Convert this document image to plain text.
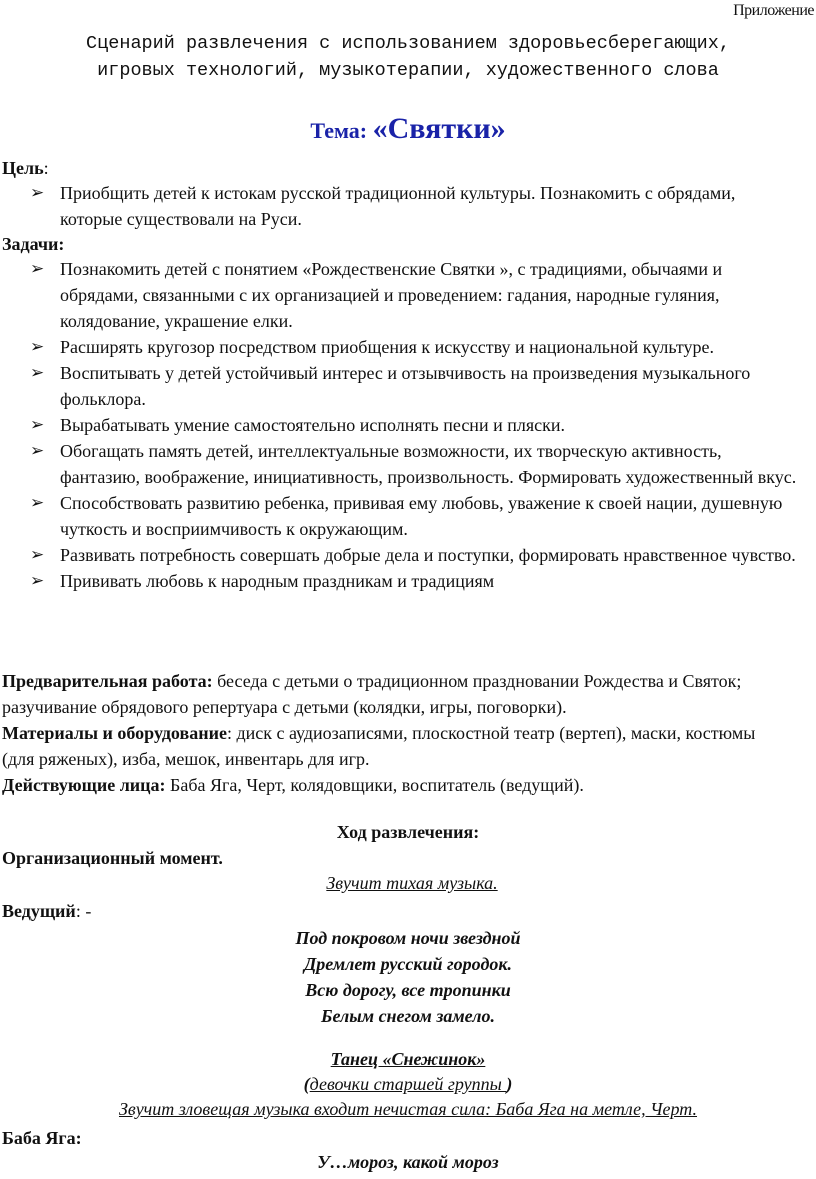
Приложение
Сценарий развлечения с использованием здоровьесберегающих,
игровых технологий, музыкотерапии, художественного слова
Тема: «Святки»
Цель:
➢ Приобщить детей к истокам русской традиционной культуры. Познакомить с обрядами, которые существовали на Руси.
Задачи:
➢ Познакомить детей с понятием «Рождественские Святки », с традициями, обычаями и обрядами, связанными с их организацией и проведением: гадания, народные гуляния, колядование, украшение елки.
➢ Расширять кругозор посредством приобщения к искусству и национальной культуре.
➢ Воспитывать у детей устойчивый интерес и отзывчивость на произведения музыкального фольклора.
➢ Вырабатывать умение самостоятельно исполнять песни и пляски.
➢ Обогащать память детей, интеллектуальные возможности, их творческую активность, фантазию, воображение, инициативность, произвольность. Формировать художественный вкус.
➢ Способствовать развитию ребенка, прививая ему любовь, уважение к своей нации, душевную чуткость и восприимчивость к окружающим.
➢ Развивать потребность совершать добрые дела и поступки, формировать нравственное чувство.
➢ Прививать любовь к народным праздникам и традициям
Предварительная работа: беседа с детьми о традиционном праздновании Рождества и Святок; разучивание обрядового репертуара с детьми (колядки, игры, поговорки).
Материалы и оборудование: диск с аудиозаписями, плоскостной театр (вертеп), маски, костюмы (для ряженых), изба, мешок, инвентарь для игр.
Действующие лица: Баба Яга, Черт, колядовщики, воспитатель (ведущий).
Ход развлечения:
Организационный момент.
Звучит тихая музыка.
Ведущий: -
Под покровом ночи звездной
Дремлет русский городок.
Всю дорогу, все тропинки
Белым снегом замело.
Танец «Снежинок»
(девочки старшей группы )
Звучит зловещая музыка входит нечистая сила: Баба Яга на метле, Черт.
Баба Яга:
У…мороз, какой мороз
